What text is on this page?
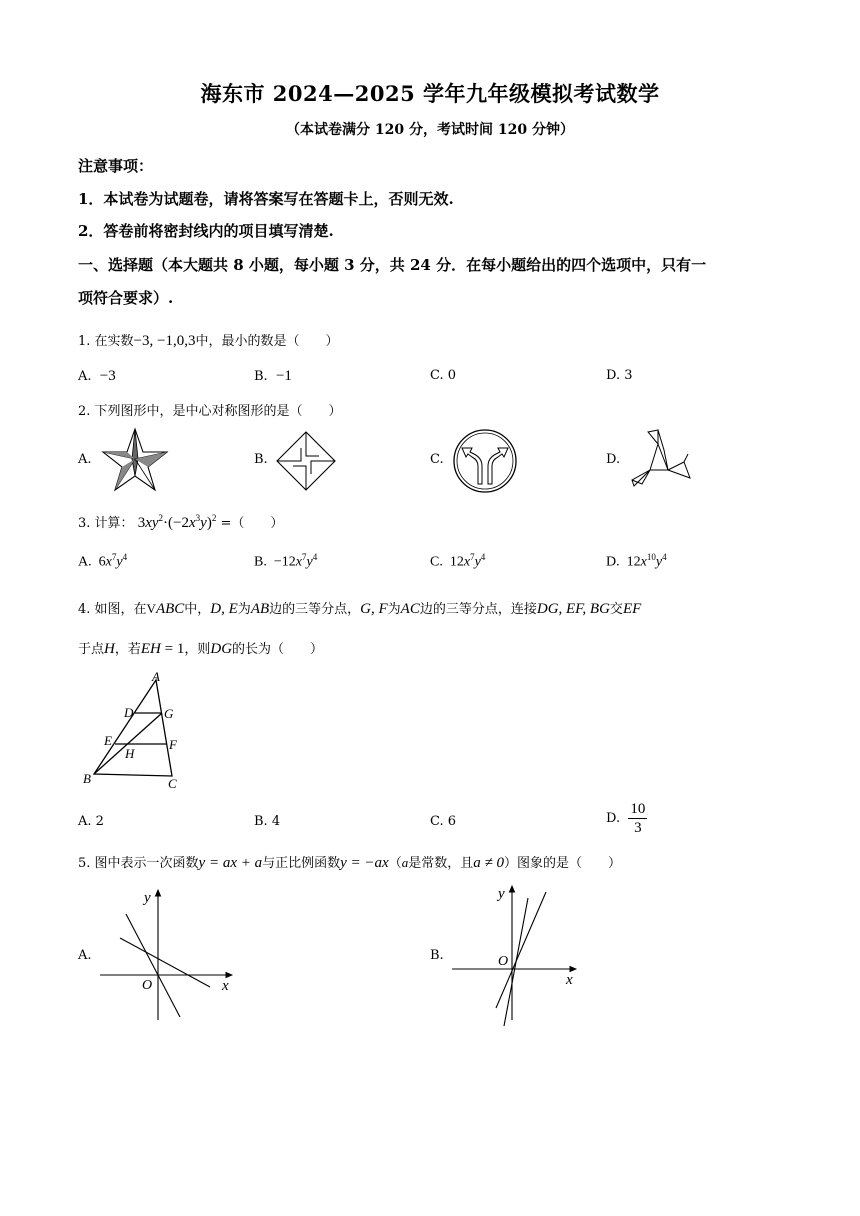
海东市 2024—2025 学年九年级模拟考试数学
（本试卷满分 120 分，考试时间 120 分钟）
注意事项：
1．本试卷为试题卷，请将答案写在答题卡上，否则无效.
2．答卷前将密封线内的项目填写清楚.
一、选择题（本大题共 8 小题，每小题 3 分，共 24 分．在每小题给出的四个选项中，只有一
项符合要求）.
1. 在实数−3, −1,0,3中，最小的数是（　　）
A. −3	B. −1	C. 0	D. 3
2. 下列图形中，是中心对称图形的是（　　）
A.	B.	C.	D.
3. 计算： $3xy^2\cdot(-2x^3y)^2$ =（　　）
A. $6x^7y^4$	B. $-12x^7y^4$	C. $12x^7y^4$	D. $12x^{10}y^4$
4. 如图，在VABC中，D, E为AB边的三等分点，G, F为AC边的三等分点，连接DG, EF, BG交EF
于点H，若EH = 1，则DG的长为（　　）
A
B	C
D
E	F
G
H
A. 2	B. 4	C. 6	D. $\frac{10}{3}$
5. 图中表示一次函数y = ax + a与正比例函数y = −ax（a是常数，且a ≠ 0）图象的是（　　）
A.
y
x
O
B.
y
x
O
